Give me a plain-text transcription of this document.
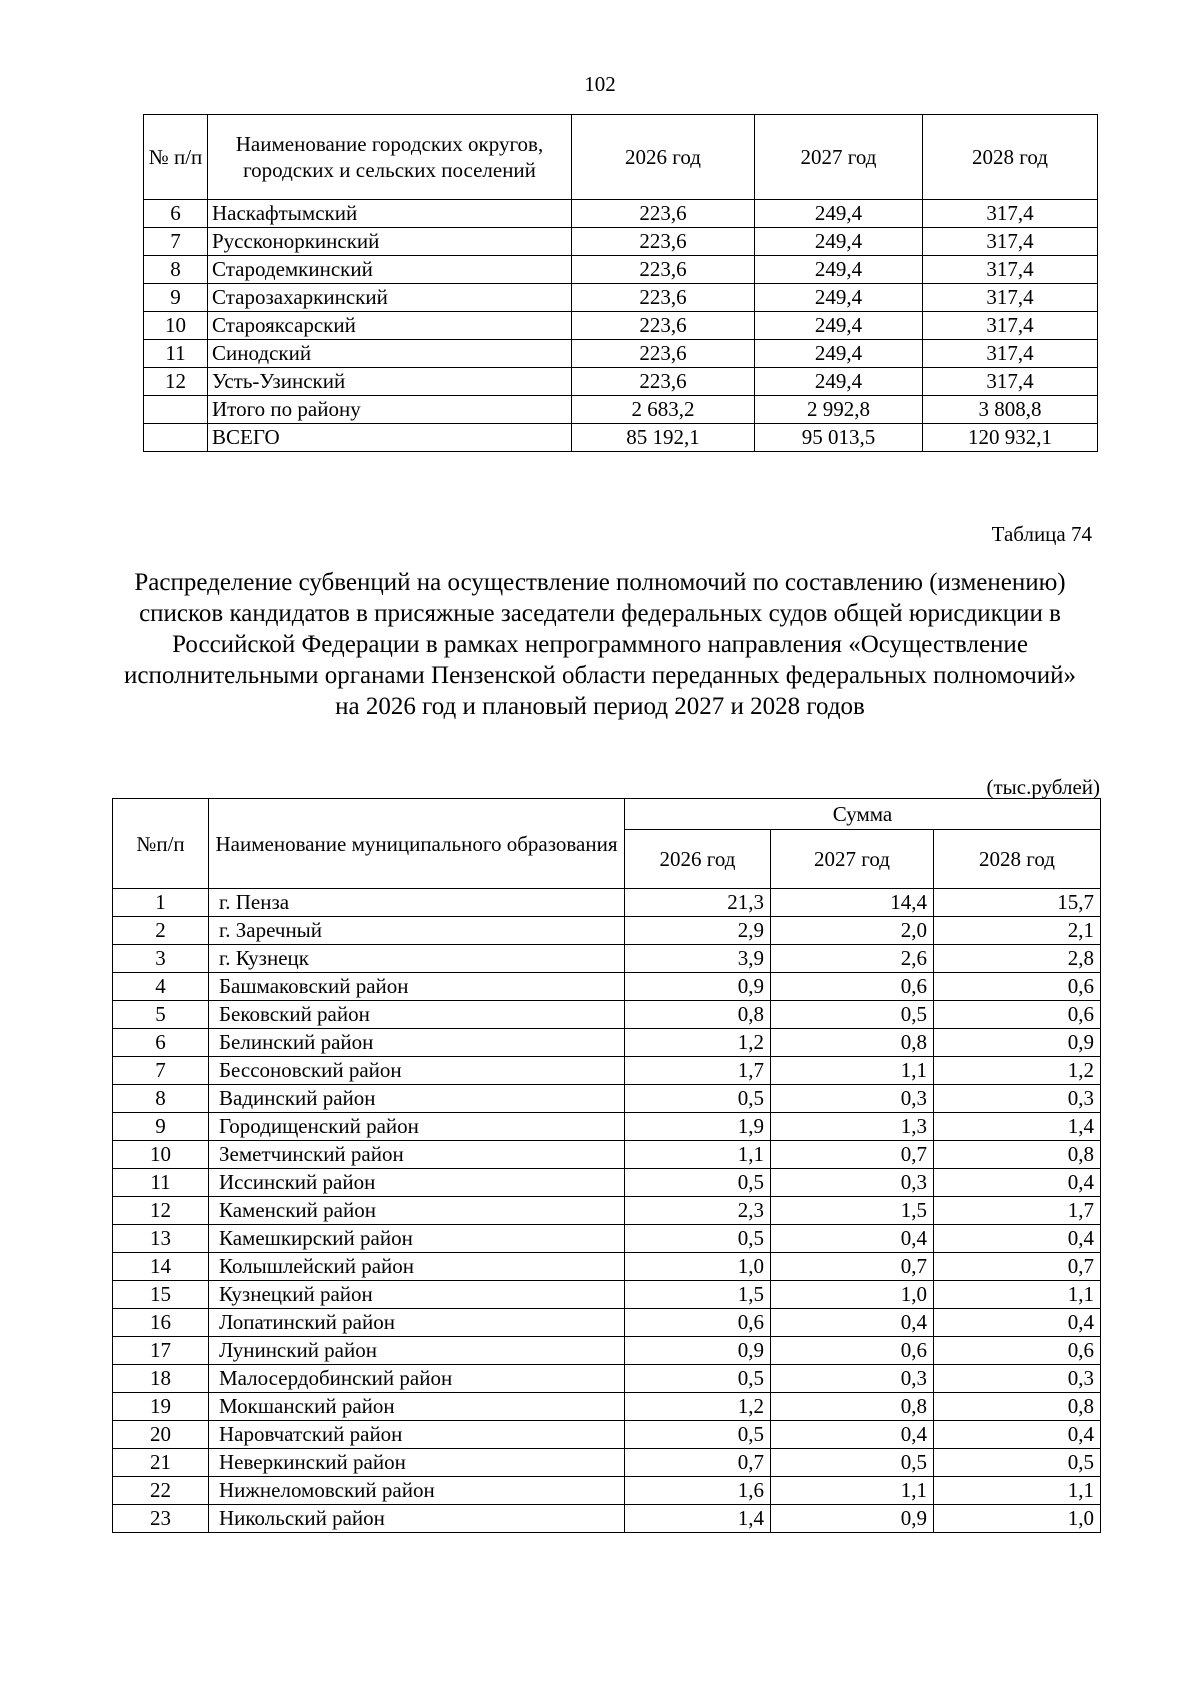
102
№ п/п	Наименование городских округов, городских и сельских поселений	2026 год	2027 год	2028 год
6	Наскафтымский	223,6	249,4	317,4
7	Руссконоркинский	223,6	249,4	317,4
8	Стародемкинский	223,6	249,4	317,4
9	Старозахаркинский	223,6	249,4	317,4
10	Старояксарский	223,6	249,4	317,4
11	Синодский	223,6	249,4	317,4
12	Усть-Узинский	223,6	249,4	317,4
	Итого по району	2 683,2	2 992,8	3 808,8
	ВСЕГО	85 192,1	95 013,5	120 932,1
Таблица 74
Распределение субвенций на осуществление полномочий по составлению (изменению) списков кандидатов в присяжные заседатели федеральных судов общей юрисдикции в Российской Федерации в рамках непрограммного направления «Осуществление исполнительными органами Пензенской области переданных федеральных полномочий» на 2026 год и плановый период 2027 и 2028 годов
(тыс.рублей)
№п/п	Наименование муниципального образования	Сумма		
		2026 год	2027 год	2028 год
1	г. Пенза	21,3	14,4	15,7
2	г. Заречный	2,9	2,0	2,1
3	г. Кузнецк	3,9	2,6	2,8
4	Башмаковский район	0,9	0,6	0,6
5	Бековский район	0,8	0,5	0,6
6	Белинский район	1,2	0,8	0,9
7	Бессоновский район	1,7	1,1	1,2
8	Вадинский район	0,5	0,3	0,3
9	Городищенский район	1,9	1,3	1,4
10	Земетчинский район	1,1	0,7	0,8
11	Иссинский район	0,5	0,3	0,4
12	Каменский район	2,3	1,5	1,7
13	Камешкирский район	0,5	0,4	0,4
14	Колышлейский район	1,0	0,7	0,7
15	Кузнецкий район	1,5	1,0	1,1
16	Лопатинский район	0,6	0,4	0,4
17	Лунинский район	0,9	0,6	0,6
18	Малосердобинский район	0,5	0,3	0,3
19	Мокшанский район	1,2	0,8	0,8
20	Наровчатский район	0,5	0,4	0,4
21	Неверкинский район	0,7	0,5	0,5
22	Нижнеломовский район	1,6	1,1	1,1
23	Никольский район	1,4	0,9	1,0
